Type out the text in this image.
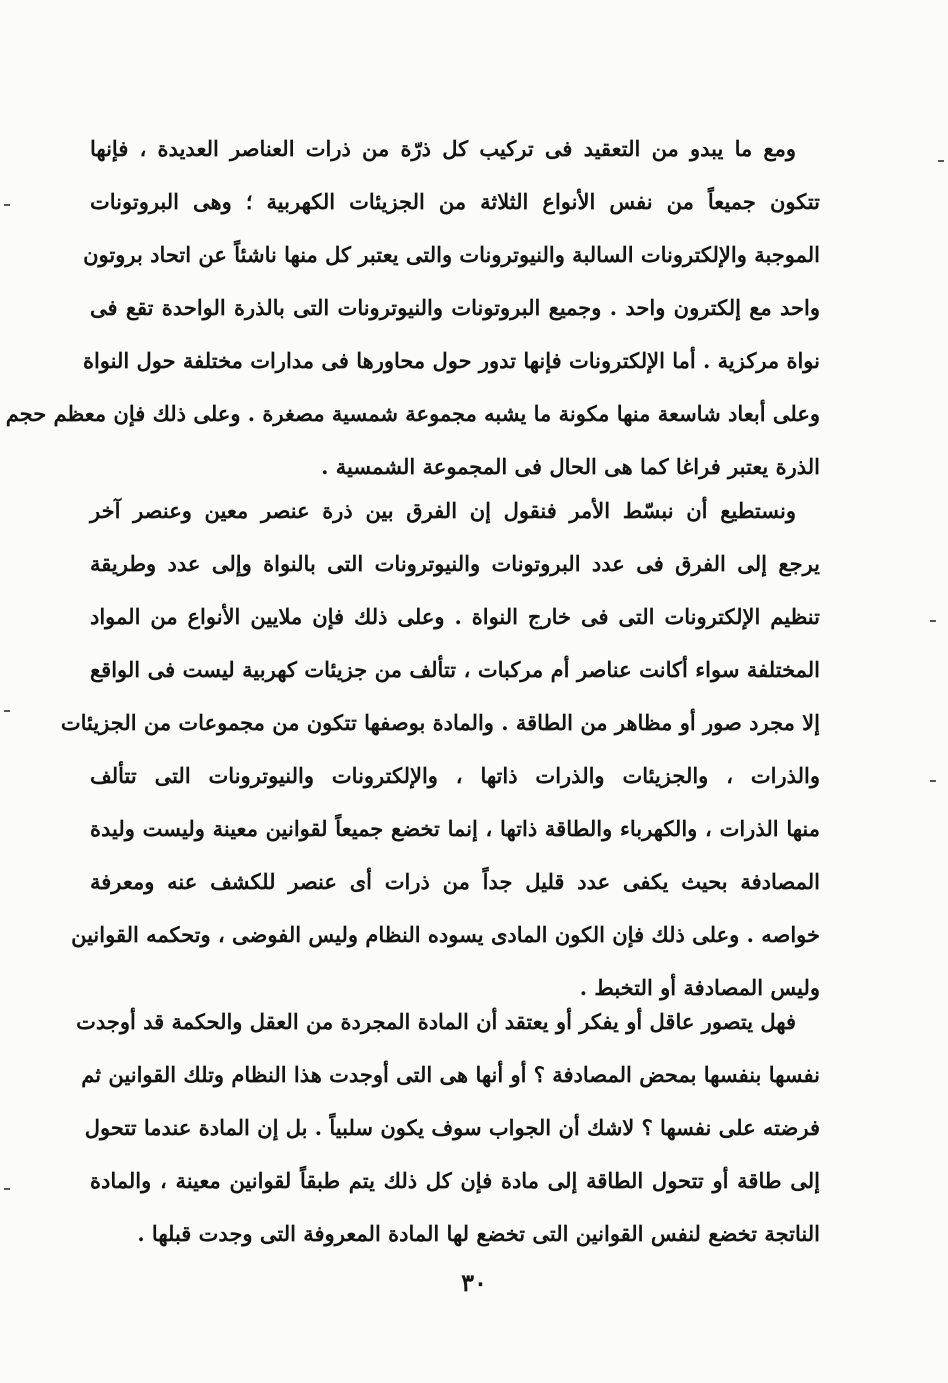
ومع ما يبدو من التعقيد فى تركيب كل ذرّة من ذرات العناصر العديدة ، فإنها
تتكون جميعاً من نفس الأنواع الثلاثة من الجزيئات الكهربية ؛ وهى البروتونات
الموجبة والإلكترونات السالبة والنيوترونات والتى يعتبر كل منها ناشئاً عن اتحاد بروتون
واحد مع إلكترون واحد . وجميع البروتونات والنيوترونات التى بالذرة الواحدة تقع فى
نواة مركزية . أما الإلكترونات فإنها تدور حول محاورها فى مدارات مختلفة حول النواة
وعلى أبعاد شاسعة منها مكونة ما يشبه مجموعة شمسية مصغرة . وعلى ذلك فإن معظم حجم
الذرة يعتبر فراغا كما هى الحال فى المجموعة الشمسية .
ونستطيع أن نبسّط الأمر فنقول إن الفرق بين ذرة عنصر معين وعنصر آخر
يرجع إلى الفرق فى عدد البروتونات والنيوترونات التى بالنواة وإلى عدد وطريقة
تنظيم الإلكترونات التى فى خارج النواة . وعلى ذلك فإن ملايين الأنواع من المواد
المختلفة سواء أكانت عناصر أم مركبات ، تتألف من جزيئات كهربية ليست فى الواقع
إلا مجرد صور أو مظاهر من الطاقة . والمادة بوصفها تتكون من مجموعات من الجزيئات
والذرات ، والجزيئات والذرات ذاتها ، والإلكترونات والنيوترونات التى تتألف
منها الذرات ، والكهرباء والطاقة ذاتها ، إنما تخضع جميعاً لقوانين معينة وليست وليدة
المصادفة بحيث يكفى عدد قليل جداً من ذرات أى عنصر للكشف عنه ومعرفة
خواصه . وعلى ذلك فإن الكون المادى يسوده النظام وليس الفوضى ، وتحكمه القوانين
وليس المصادفة أو التخبط .
فهل يتصور عاقل أو يفكر أو يعتقد أن المادة المجردة من العقل والحكمة قد أوجدت
نفسها بنفسها بمحض المصادفة ؟ أو أنها هى التى أوجدت هذا النظام وتلك القوانين ثم
فرضته على نفسها ؟ لاشك أن الجواب سوف يكون سلبياً . بل إن المادة عندما تتحول
إلى طاقة أو تتحول الطاقة إلى مادة فإن كل ذلك يتم طبقاً لقوانين معينة ، والمادة
الناتجة تخضع لنفس القوانين التى تخضع لها المادة المعروفة التى وجدت قبلها .
٣٠
